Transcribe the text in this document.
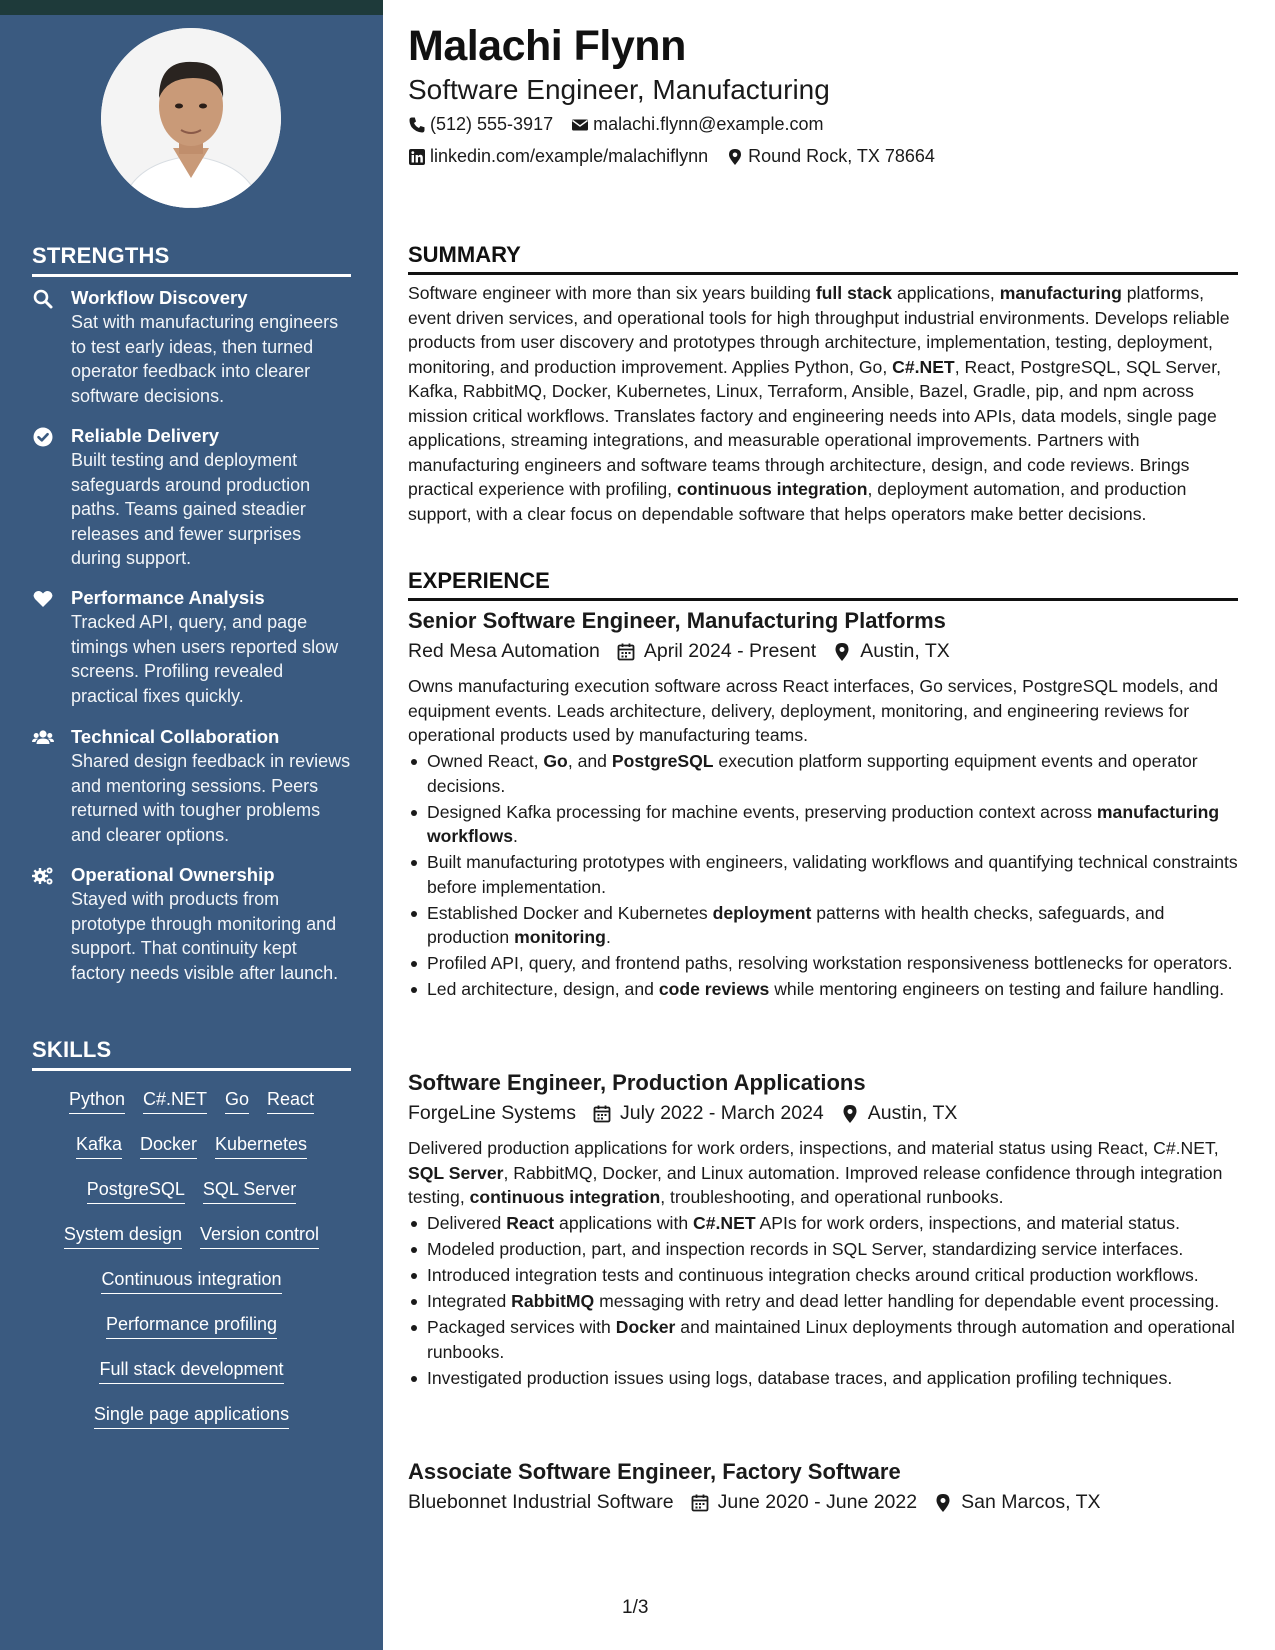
STRENGTHS
Workflow Discovery
Sat with manufacturing engineers to test early ideas, then turned operator feedback into clearer software decisions.
Reliable Delivery
Built testing and deployment safeguards around production paths. Teams gained steadier releases and fewer surprises during support.
Performance Analysis
Tracked API, query, and page timings when users reported slow screens. Profiling revealed practical fixes quickly.
Technical Collaboration
Shared design feedback in reviews and mentoring sessions. Peers returned with tougher problems and clearer options.
Operational Ownership
Stayed with products from prototype through monitoring and support. That continuity kept factory needs visible after launch.
SKILLS
Python C#.NET Go React
Kafka Docker Kubernetes
PostgreSQL SQL Server
System design Version control
Continuous integration
Performance profiling
Full stack development
Single page applications
Malachi Flynn
Software Engineer, Manufacturing
(512) 555-3917 malachi.flynn@example.com
linkedin.com/example/malachiflynn Round Rock, TX 78664
SUMMARY
Software engineer with more than six years building full stack applications, manufacturing platforms, event driven services, and operational tools for high throughput industrial environments. Develops reliable products from user discovery and prototypes through architecture, implementation, testing, deployment, monitoring, and production improvement. Applies Python, Go, C#.NET, React, PostgreSQL, SQL Server, Kafka, RabbitMQ, Docker, Kubernetes, Linux, Terraform, Ansible, Bazel, Gradle, pip, and npm across mission critical workflows. Translates factory and engineering needs into APIs, data models, single page applications, streaming integrations, and measurable operational improvements. Partners with manufacturing engineers and software teams through architecture, design, and code reviews. Brings practical experience with profiling, continuous integration, deployment automation, and production support, with a clear focus on dependable software that helps operators make better decisions.
EXPERIENCE
Senior Software Engineer, Manufacturing Platforms
Red Mesa Automation April 2024 - Present Austin, TX
Owns manufacturing execution software across React interfaces, Go services, PostgreSQL models, and equipment events. Leads architecture, delivery, deployment, monitoring, and engineering reviews for operational products used by manufacturing teams.
Owned React, Go, and PostgreSQL execution platform supporting equipment events and operator decisions.
Designed Kafka processing for machine events, preserving production context across manufacturing workflows.
Built manufacturing prototypes with engineers, validating workflows and quantifying technical constraints before implementation.
Established Docker and Kubernetes deployment patterns with health checks, safeguards, and production monitoring.
Profiled API, query, and frontend paths, resolving workstation responsiveness bottlenecks for operators.
Led architecture, design, and code reviews while mentoring engineers on testing and failure handling.
Software Engineer, Production Applications
ForgeLine Systems July 2022 - March 2024 Austin, TX
Delivered production applications for work orders, inspections, and material status using React, C#.NET, SQL Server, RabbitMQ, Docker, and Linux automation. Improved release confidence through integration testing, continuous integration, troubleshooting, and operational runbooks.
Delivered React applications with C#.NET APIs for work orders, inspections, and material status.
Modeled production, part, and inspection records in SQL Server, standardizing service interfaces.
Introduced integration tests and continuous integration checks around critical production workflows.
Integrated RabbitMQ messaging with retry and dead letter handling for dependable event processing.
Packaged services with Docker and maintained Linux deployments through automation and operational runbooks.
Investigated production issues using logs, database traces, and application profiling techniques.
Associate Software Engineer, Factory Software
Bluebonnet Industrial Software June 2020 - June 2022 San Marcos, TX
1/3
